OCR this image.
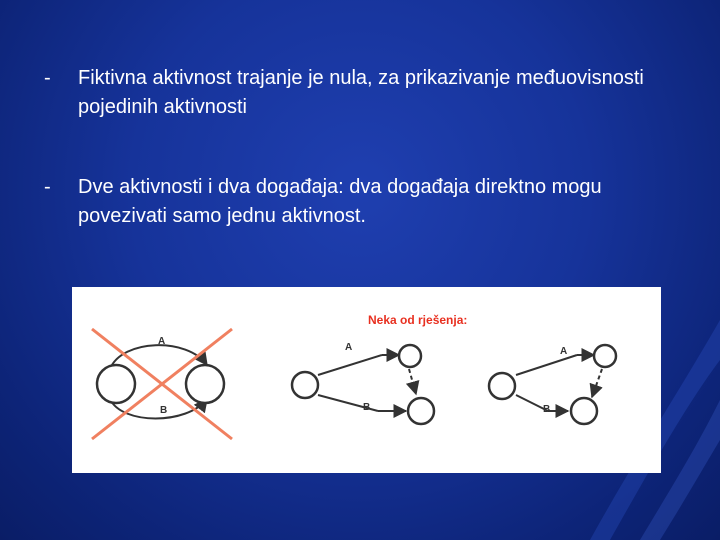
-	Fiktivna aktivnost trajanje je nula, za prikazivanje međuovisnosti pojedinih aktivnosti
-	Dve aktivnosti i dva događaja: dva događaja direktno mogu povezivati samo jednu aktivnost.
Neka od rješenja:
A
B
A
B
A
B
